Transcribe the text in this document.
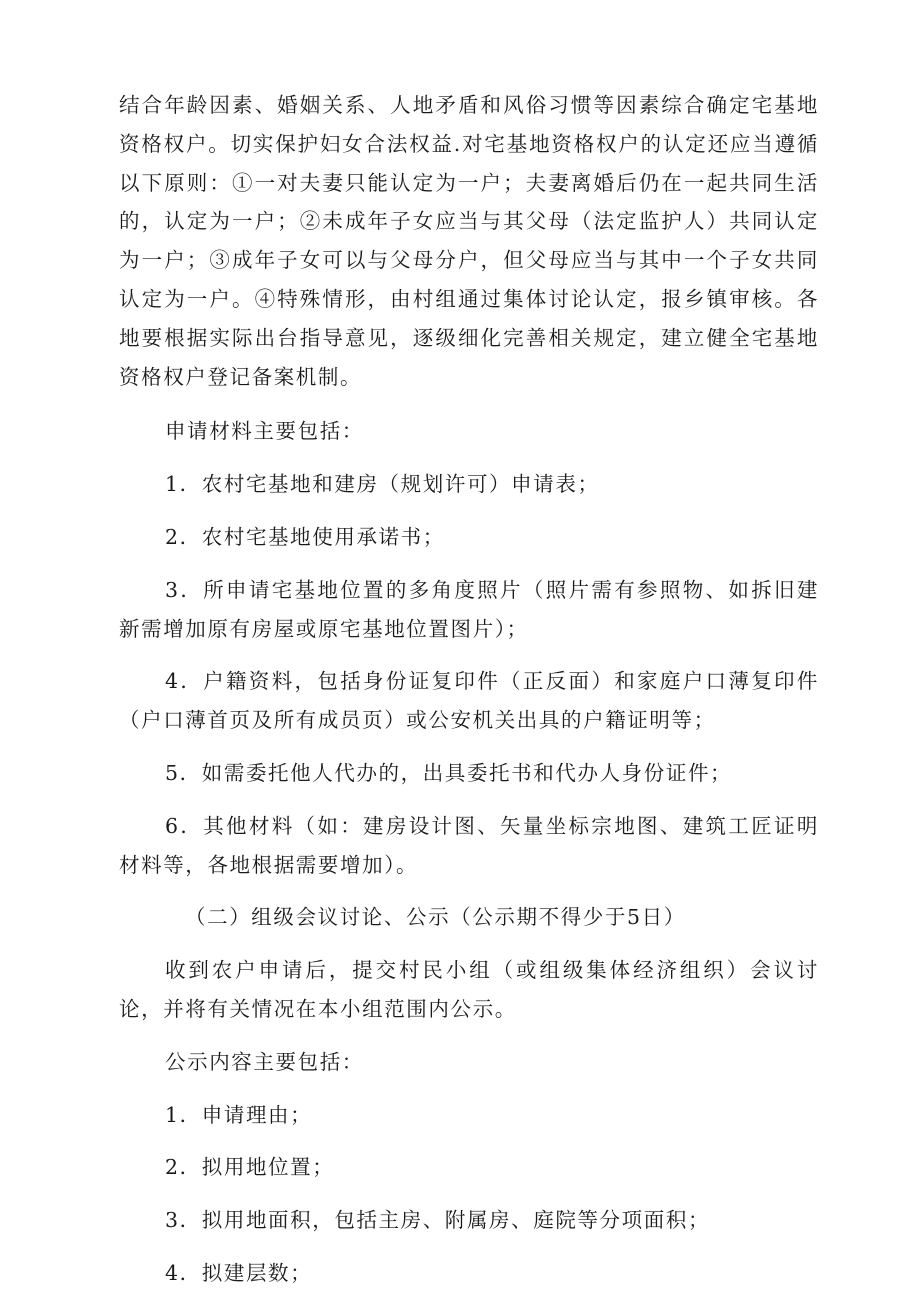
结合年龄因素、婚姻关系、人地矛盾和风俗习惯等因素综合确定宅基地资格权户。切实保护妇女合法权益.对宅基地资格权户的认定还应当遵循以下原则：①一对夫妻只能认定为一户；夫妻离婚后仍在一起共同生活的，认定为一户；②未成年子女应当与其父母（法定监护人）共同认定为一户；③成年子女可以与父母分户，但父母应当与其中一个子女共同认定为一户。④特殊情形，由村组通过集体讨论认定，报乡镇审核。各地要根据实际出台指导意见，逐级细化完善相关规定，建立健全宅基地资格权户登记备案机制。

申请材料主要包括：

1．农村宅基地和建房（规划许可）申请表；

2．农村宅基地使用承诺书；

3．所申请宅基地位置的多角度照片（照片需有参照物、如拆旧建新需增加原有房屋或原宅基地位置图片）；

4．户籍资料，包括身份证复印件（正反面）和家庭户口薄复印件（户口薄首页及所有成员页）或公安机关出具的户籍证明等；

5．如需委托他人代办的，出具委托书和代办人身份证件；

6．其他材料（如：建房设计图、矢量坐标宗地图、建筑工匠证明材料等，各地根据需要增加）。

（二）组级会议讨论、公示（公示期不得少于5日）

收到农户申请后，提交村民小组（或组级集体经济组织）会议讨论，并将有关情况在本小组范围内公示。

公示内容主要包括：

1．申请理由；

2．拟用地位置；

3．拟用地面积，包括主房、附属房、庭院等分项面积；

4．拟建层数；
